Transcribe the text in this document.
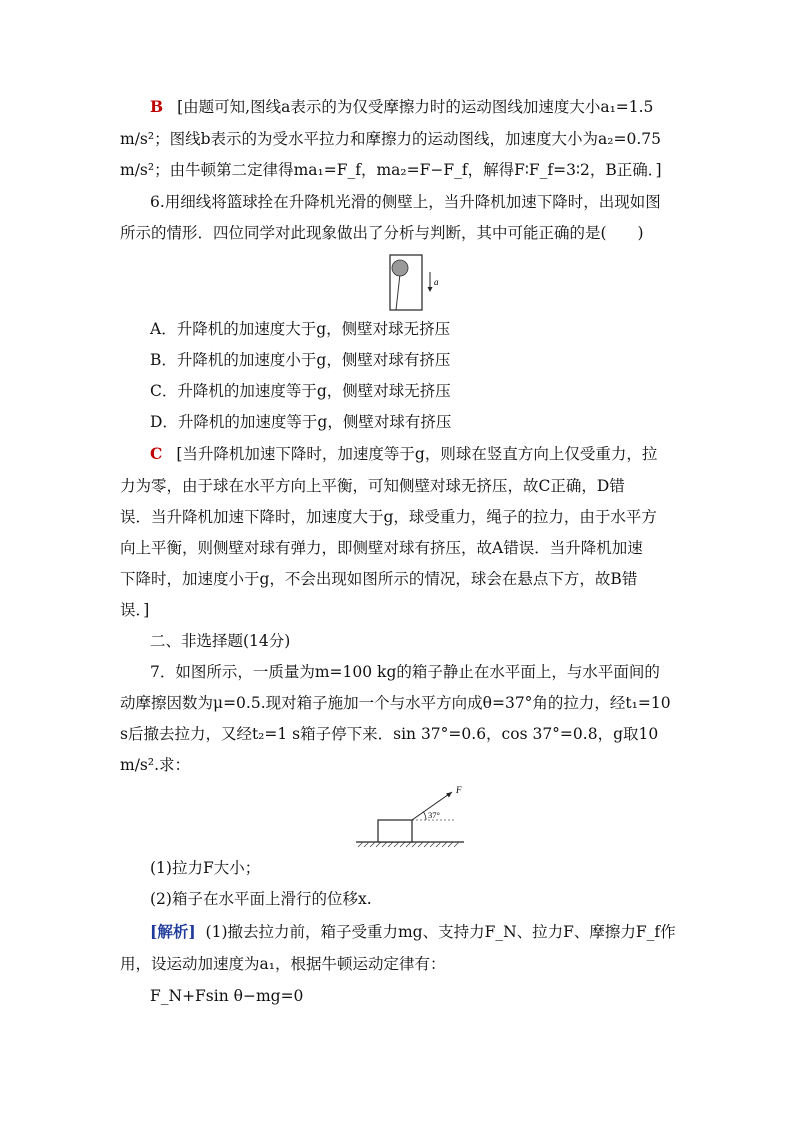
B [由题可知,图线a表示的为仅受摩擦力时的运动图线加速度大小a₁=1.5
m/s²；图线b表示的为受水平拉力和摩擦力的运动图线，加速度大小为a₂=0.75
m/s²；由牛顿第二定律得ma₁=F_f，ma₂=F−F_f，解得F∶F_f=3∶2，B正确．]
6.用细线将篮球拴在升降机光滑的侧壁上，当升降机加速下降时，出现如图
所示的情形．四位同学对此现象做出了分析与判断，其中可能正确的是(　　)
a
A．升降机的加速度大于g，侧壁对球无挤压
B．升降机的加速度小于g，侧壁对球有挤压
C．升降机的加速度等于g，侧壁对球无挤压
D．升降机的加速度等于g，侧壁对球有挤压
C [当升降机加速下降时，加速度等于g，则球在竖直方向上仅受重力，拉
力为零，由于球在水平方向上平衡，可知侧壁对球无挤压，故C正确，D错
误．当升降机加速下降时，加速度大于g，球受重力，绳子的拉力，由于水平方
向上平衡，则侧壁对球有弹力，即侧壁对球有挤压，故A错误．当升降机加速
下降时，加速度小于g，不会出现如图所示的情况，球会在悬点下方，故B错
误．]
二、非选择题(14分)
7．如图所示，一质量为m=100 kg的箱子静止在水平面上，与水平面间的
动摩擦因数为μ=0.5.现对箱子施加一个与水平方向成θ=37°角的拉力，经t₁=10
s后撤去拉力，又经t₂=1 s箱子停下来．sin 37°=0.6，cos 37°=0.8，g取10
m/s².求：
37°
F
(1)拉力F大小；
(2)箱子在水平面上滑行的位移x.
[解析] (1)撤去拉力前，箱子受重力mg、支持力F_N、拉力F、摩擦力F_f作
用，设运动加速度为a₁，根据牛顿运动定律有：
F_N+Fsin θ−mg=0
